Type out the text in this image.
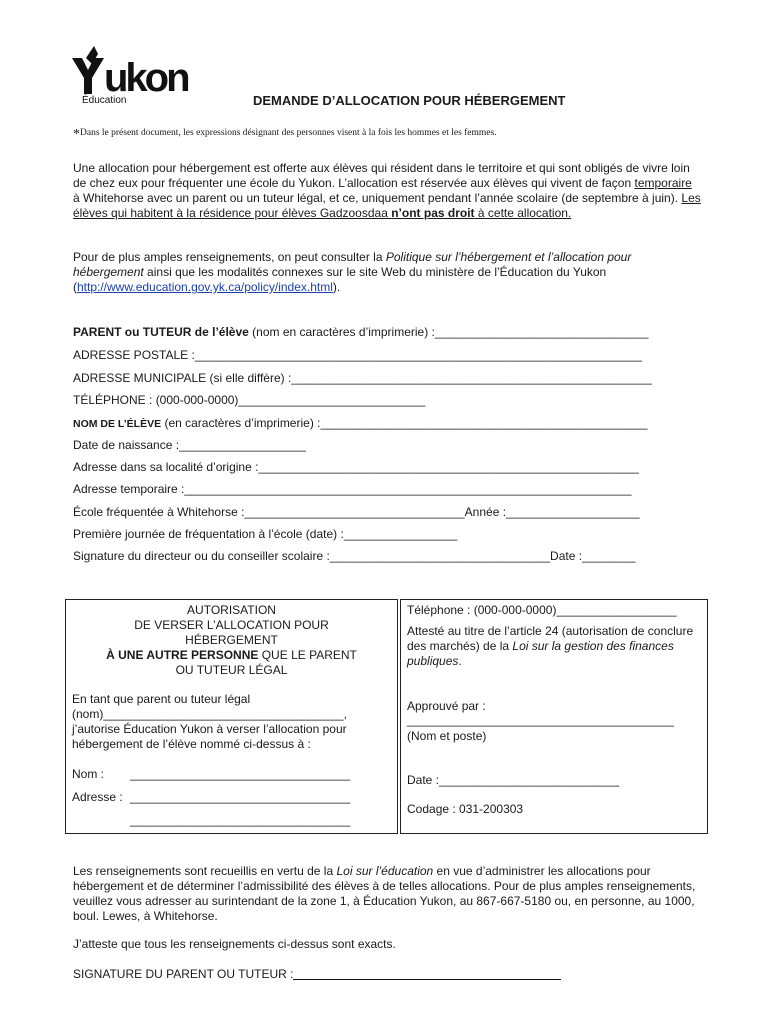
ukon
Éducation	DEMANDE D’ALLOCATION POUR HÉBERGEMENT
*Dans le présent document, les expressions désignant des personnes visent à la fois les hommes et les femmes.
Une allocation pour hébergement est offerte aux élèves qui résident dans le territoire et qui sont obligés de vivre loin de chez eux pour fréquenter une école du Yukon. L’allocation est réservée aux élèves qui vivent de façon temporaire à Whitehorse avec un parent ou un tuteur légal, et ce, uniquement pendant l’année scolaire (de septembre à juin). Les élèves qui habitent à la résidence pour élèves Gadzoosdaa n’ont pas droit à cette allocation.
Pour de plus amples renseignements, on peut consulter la Politique sur l’hébergement et l’allocation pour hébergement ainsi que les modalités connexes sur le site Web du ministère de l’Éducation du Yukon (http://www.education.gov.yk.ca/policy/index.html).
PARENT ou TUTEUR de l’élève (nom en caractères d’imprimerie) :________________________________
ADRESSE POSTALE :___________________________________________________________________
ADRESSE MUNICIPALE (si elle diffère) :______________________________________________________
TÉLÉPHONE : (000-000-0000)____________________________
NOM DE L’ÉLÈVE (en caractères d’imprimerie) :_________________________________________________
Date de naissance :___________________
Adresse dans sa localité d’origine :_________________________________________________________
Adresse temporaire :___________________________________________________________________
École fréquentée à Whitehorse :_________________________________Année :____________________
Première journée de fréquentation à l’école (date) :_________________
Signature du directeur ou du conseiller scolaire :_________________________________Date :________
AUTORISATION
DE VERSER L’ALLOCATION POUR
HÉBERGEMENT
À UNE AUTRE PERSONNE QUE LE PARENT
OU TUTEUR LÉGAL
En tant que parent ou tuteur légal
(nom)____________________________________,
j’autorise Éducation Yukon à verser l’allocation pour
hébergement de l’élève nommé ci-dessus à :
Nom : _________________________________
Adresse : _________________________________
_________________________________
Téléphone : (000-000-0000)__________________
Attesté au titre de l’article 24 (autorisation de conclure des marchés) de la Loi sur la gestion des finances publiques.
Approuvé par :
________________________________________
(Nom et poste)
Date :___________________________
Codage : 031-200303
Les renseignements sont recueillis en vertu de la Loi sur l’éducation en vue d’administrer les allocations pour hébergement et de déterminer l’admissibilité des élèves à de telles allocations. Pour de plus amples renseignements, veuillez vous adresser au surintendant de la zone 1, à Éducation Yukon, au 867-667-5180 ou, en personne, au 1000, boul. Lewes, à Whitehorse.
J’atteste que tous les renseignements ci-dessus sont exacts.
SIGNATURE DU PARENT OU TUTEUR :
